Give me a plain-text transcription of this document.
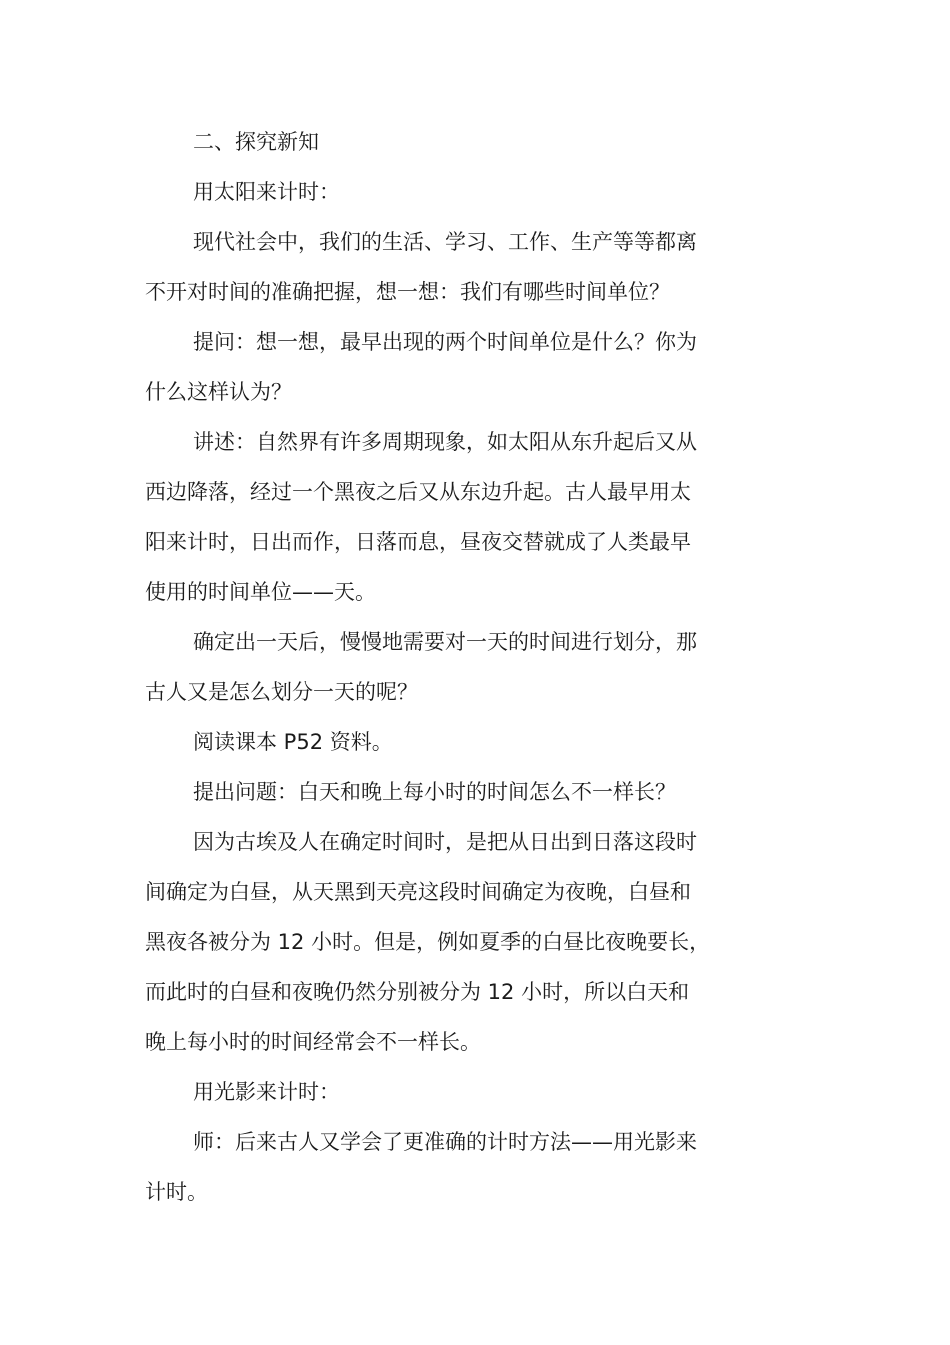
二、探究新知
用太阳来计时：
现代社会中，我们的生活、学习、工作、生产等等都离
不开对时间的准确把握，想一想：我们有哪些时间单位？
提问：想一想，最早出现的两个时间单位是什么？你为
什么这样认为？
讲述：自然界有许多周期现象，如太阳从东升起后又从
西边降落，经过一个黑夜之后又从东边升起。古人最早用太
阳来计时，日出而作，日落而息，昼夜交替就成了人类最早
使用的时间单位——天。
确定出一天后，慢慢地需要对一天的时间进行划分，那
古人又是怎么划分一天的呢？
阅读课本 P52 资料。
提出问题：白天和晚上每小时的时间怎么不一样长？
因为古埃及人在确定时间时，是把从日出到日落这段时
间确定为白昼，从天黑到天亮这段时间确定为夜晚，白昼和
黑夜各被分为 12 小时。但是，例如夏季的白昼比夜晚要长，
而此时的白昼和夜晚仍然分别被分为 12 小时，所以白天和
晚上每小时的时间经常会不一样长。
用光影来计时：
师：后来古人又学会了更准确的计时方法——用光影来
计时。
